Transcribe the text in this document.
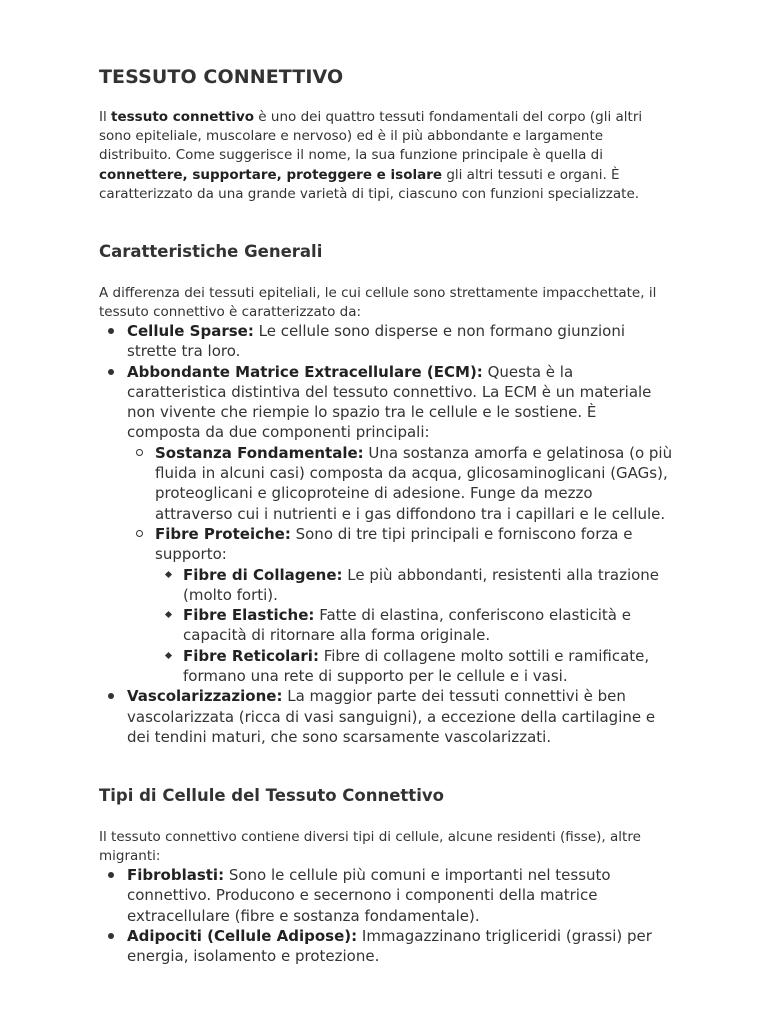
TESSUTO CONNETTIVO

Il tessuto connettivo è uno dei quattro tessuti fondamentali del corpo (gli altri sono epiteliale, muscolare e nervoso) ed è il più abbondante e largamente distribuito. Come suggerisce il nome, la sua funzione principale è quella di connettere, supportare, proteggere e isolare gli altri tessuti e organi. È caratterizzato da una grande varietà di tipi, ciascuno con funzioni specializzate.

Caratteristiche Generali

A differenza dei tessuti epiteliali, le cui cellule sono strettamente impacchettate, il tessuto connettivo è caratterizzato da:

Cellule Sparse: Le cellule sono disperse e non formano giunzioni strette tra loro.
Abbondante Matrice Extracellulare (ECM): Questa è la caratteristica distintiva del tessuto connettivo. La ECM è un materiale non vivente che riempie lo spazio tra le cellule e le sostiene. È composta da due componenti principali:
Sostanza Fondamentale: Una sostanza amorfa e gelatinosa (o più fluida in alcuni casi) composta da acqua, glicosaminoglicani (GAGs), proteoglicani e glicoproteine di adesione. Funge da mezzo attraverso cui i nutrienti e i gas diffondono tra i capillari e le cellule.
Fibre Proteiche: Sono di tre tipi principali e forniscono forza e supporto:
Fibre di Collagene: Le più abbondanti, resistenti alla trazione (molto forti).
Fibre Elastiche: Fatte di elastina, conferiscono elasticità e capacità di ritornare alla forma originale.
Fibre Reticolari: Fibre di collagene molto sottili e ramificate, formano una rete di supporto per le cellule e i vasi.
Vascolarizzazione: La maggior parte dei tessuti connettivi è ben vascolarizzata (ricca di vasi sanguigni), a eccezione della cartilagine e dei tendini maturi, che sono scarsamente vascolarizzati.
Tipi di Cellule del Tessuto Connettivo

Il tessuto connettivo contiene diversi tipi di cellule, alcune residenti (fisse), altre migranti:

Fibroblasti: Sono le cellule più comuni e importanti nel tessuto connettivo. Producono e secernono i componenti della matrice extracellulare (fibre e sostanza fondamentale).
Adipociti (Cellule Adipose): Immagazzinano trigliceridi (grassi) per energia, isolamento e protezione.
